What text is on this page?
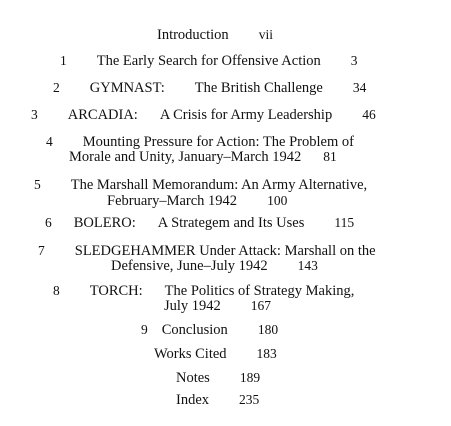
Introduction vii
1 The Early Search for Offensive Action 3
2 GYMNAST: The British Challenge 34
3 ARCADIA: A Crisis for Army Leadership 46
4 Mounting Pressure for Action: The Problem of
Morale and Unity, January–March 1942 81
5 The Marshall Memorandum: An Army Alternative,
February–March 1942 100
6 BOLERO: A Strategem and Its Uses 115
7 SLEDGEHAMMER Under Attack: Marshall on the
Defensive, June–July 1942 143
8 TORCH: The Politics of Strategy Making,
July 1942 167
9 Conclusion 180
Works Cited 183
Notes 189
Index 235
